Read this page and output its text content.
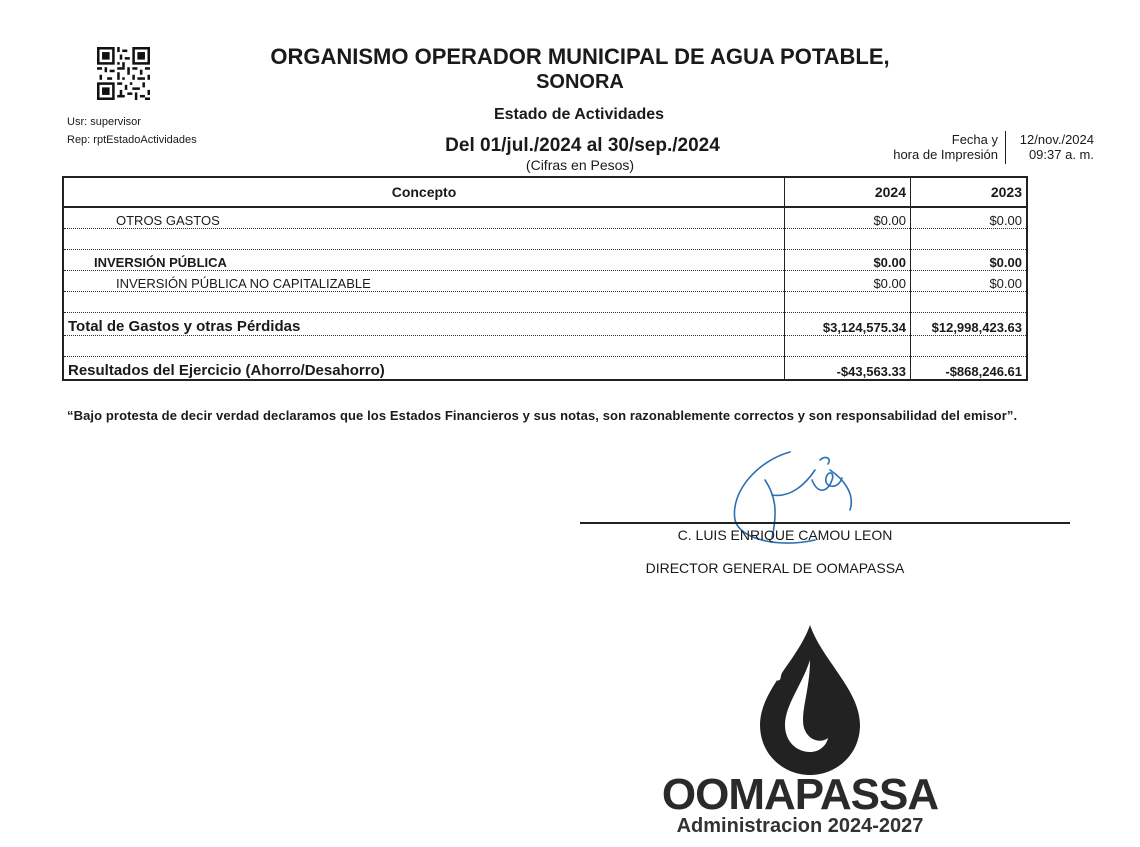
ORGANISMO OPERADOR MUNICIPAL DE AGUA POTABLE,
SONORA
Estado de Actividades
Del 01/jul./2024 al 30/sep./2024
(Cifras en Pesos)
Usr: supervisor
Rep: rptEstadoActividades	Fecha y
hora de Impresión
12/nov./2024
09:37 a. m.
Concepto	2024	2023
OTROS GASTOS	$0.00	$0.00

INVERSIÓN PÚBLICA	$0.00	$0.00
INVERSIÓN PÚBLICA NO CAPITALIZABLE	$0.00	$0.00

Total de Gastos y otras Pérdidas	$3,124,575.34	$12,998,423.63

Resultados del Ejercicio (Ahorro/Desahorro)	-$43,563.33	-$868,246.61
“Bajo protesta de decir verdad declaramos que los Estados Financieros y sus notas, son razonablemente correctos y son responsabilidad del emisor”.
C. LUIS ENRIQUE CAMOU LEON
DIRECTOR GENERAL DE OOMAPASSA
OOMAPASSA
Administracion 2024-2027
